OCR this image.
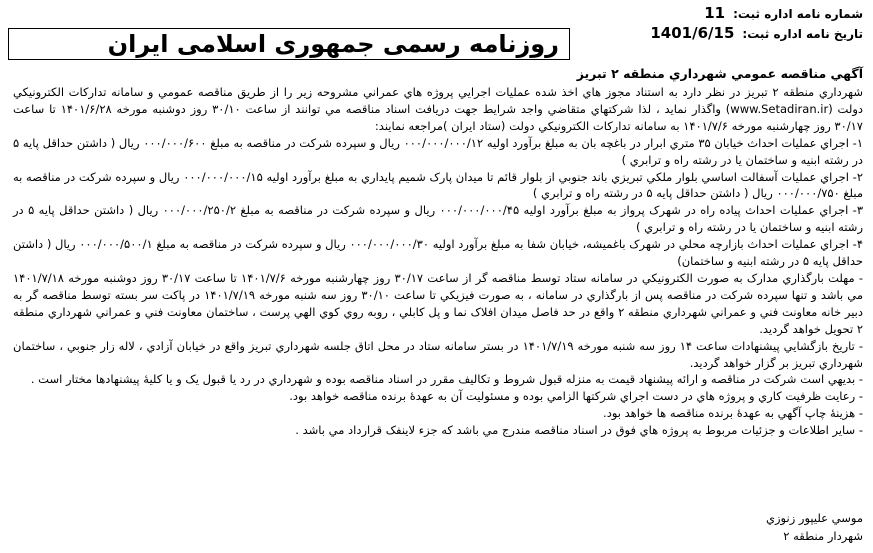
شماره نامه اداره ثبت:11
تاریخ نامه اداره ثبت:1401/6/15
روزنامه رسمی جمهوری اسلامی ایران
آگهي مناقصه عمومي شهرداري منطقه ۲ تبريز

شهرداري منطقه ۲ تبريز در نظر دارد به استناد مجوز هاي اخذ شده عمليات اجرايي پروژه هاي عمراني مشروحه زير را از طريق مناقصه عمومي و سامانه تدارکات الکترونيکي دولت (www.Setadiran.ir) واگذار نمايد ، لذا شرکتهاي متقاضي واجد شرايط جهت دريافت اسناد مناقصه مي توانند از ساعت ۳۰/۱۰ روز دوشنبه مورخه ۱۴۰۱/۶/۲۸ تا ساعت ۳۰/۱۷ روز چهارشنبه مورخه ۱۴۰۱/۷/۶ به سامانه تدارکات الکترونيکي دولت (ستاد ايران )مراجعه نمايند:

۱- اجراي عمليات احداث خيابان ۳۵ متري ابرار در باغچه بان به مبلغ برآورد اوليه ۰۰۰/۰۰۰/۰۰۰/۱۲ ريال و سپرده شرکت در مناقصه به مبلغ ۰۰۰/۰۰۰/۶۰۰ ريال ( داشتن حداقل پايه ۵ در رشته ابنيه و ساختمان يا در رشته راه و ترابري )

۲- اجراي عمليات آسفالت اساسي بلوار ملکي تبريزي باند جنوبي از بلوار قائم تا ميدان پارک شميم پايداري به مبلغ برآورد اوليه ۰۰۰/۰۰۰/۰۰۰/۱۵ ريال و سپرده شرکت در مناقصه به مبلغ ۰۰۰/۰۰۰/۷۵۰ ريال ( داشتن حداقل پايه ۵ در رشته راه و ترابري )

۳- اجراي عمليات احداث پياده راه در شهرک پرواز به مبلغ برآورد اوليه ۰۰۰/۰۰۰/۰۰۰/۴۵ ريال و سپرده شرکت در مناقصه به مبلغ ۰۰۰/۰۰۰/۲۵۰/۲ ريال ( داشتن حداقل پايه ۵ در رشته ابنيه و ساختمان يا در رشته راه و ترابري )

۴- اجراي عمليات احداث بازارچه محلي در شهرک باغميشه، خيابان شفا به مبلغ برآورد اوليه ۰۰۰/۰۰۰/۰۰۰/۳۰ ريال و سپرده شرکت در مناقصه به مبلغ ۰۰۰/۰۰۰/۵۰۰/۱ ريال ( داشتن حداقل پايه ۵ در رشته ابنيه و ساختمان)

- مهلت بارگذاري مدارک به صورت الکترونيکي در سامانه ستاد توسط مناقصه گر از ساعت ۳۰/۱۷ روز چهارشنبه مورخه ۱۴۰۱/۷/۶ تا ساعت ۳۰/۱۷ روز دوشنبه مورخه ۱۴۰۱/۷/۱۸ مي باشد و تنها سپرده شرکت در مناقصه پس از بارگذاري در سامانه ، به صورت فيزيکي تا ساعت ۳۰/۱۰ روز سه شنبه مورخه ۱۴۰۱/۷/۱۹ در پاکت سر بسته توسط مناقصه گر به دبير خانه معاونت فني و عمراني شهرداري منطقه ۲ واقع در حد فاصل ميدان افلاک نما و پل کابلي ، روبه روي کوي الهي پرست ، ساختمان معاونت فني و عمراني شهرداري منطقه ۲ تحويل خواهد گرديد.

- تاريخ بازگشايي پيشنهادات ساعت ۱۴ روز سه شنبه مورخه ۱۴۰۱/۷/۱۹ در بستر سامانه ستاد در محل اتاق جلسه شهرداري تبريز واقع در خيابان آزادي ، لاله زار جنوبي ، ساختمان شهرداري تبريز بر گزار خواهد گرديد.

- بديهي است شرکت در مناقصه و ارائه پيشنهاد قيمت به منزله قبول شروط و تکاليف مقرر در اسناد مناقصه بوده و شهرداري در رد يا قبول يک و يا کليهٔ پيشنهادها مختار است .

- رعايت ظرفيت کاري و پروژه هاي در دست اجراي شرکتها الزامي بوده و مسئوليت آن به عهدهٔ برنده مناقصه خواهد بود.

- هزينهٔ چاپ آگهي به عهدهٔ برنده مناقصه ها خواهد بود.

- ساير اطلاعات و جزئيات مربوط به پروژه هاي فوق در اسناد مناقصه مندرج مي باشد که جزء لاينفک قرارداد مي باشد .

موسي عليپور زنوزي
شهردار منطقه ۲
